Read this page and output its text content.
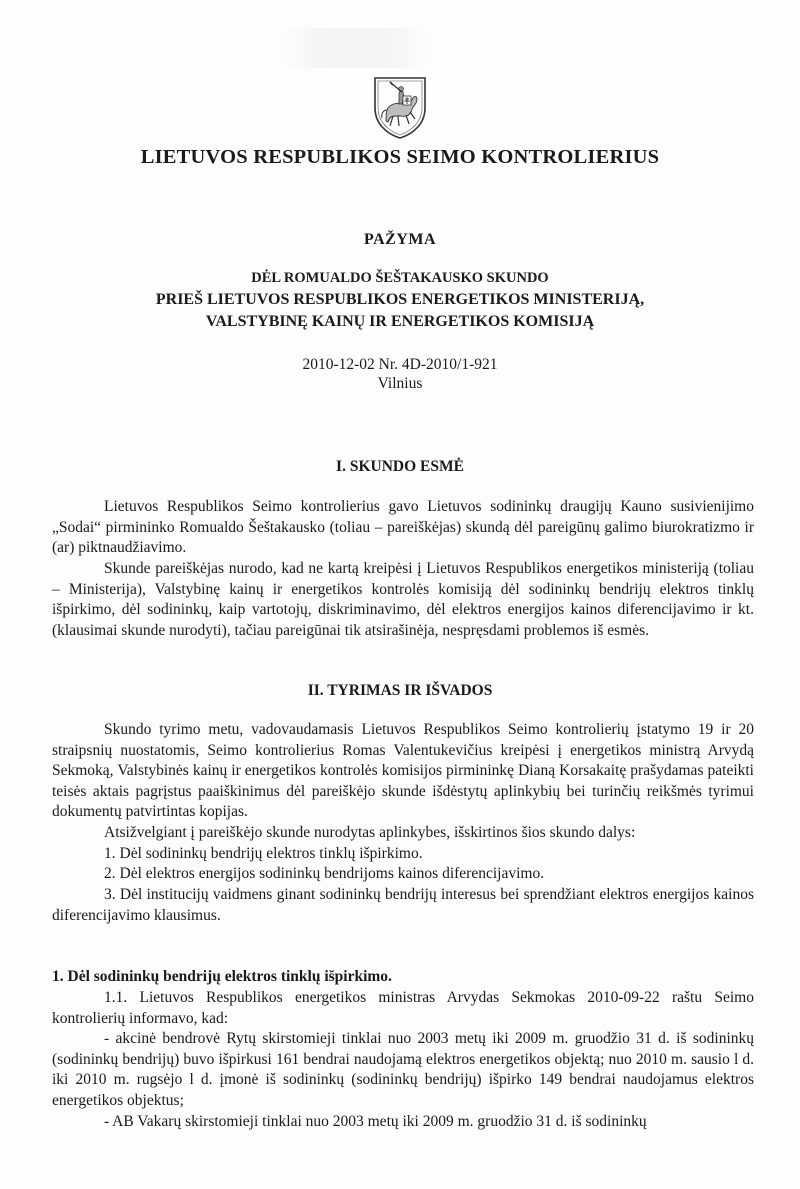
LIETUVOS RESPUBLIKOS SEIMO KONTROLIERIUS
PAŽYMA
DĖL ROMUALDO ŠEŠTAKAUSKO SKUNDO
PRIEŠ LIETUVOS RESPUBLIKOS ENERGETIKOS MINISTERIJĄ,
VALSTYBINĘ KAINŲ IR ENERGETIKOS KOMISIJĄ
2010-12-02 Nr. 4D-2010/1-921
Vilnius
I. SKUNDO ESMĖ

Lietuvos Respublikos Seimo kontrolierius gavo Lietuvos sodininkų draugijų Kauno susivienijimo „Sodai“ pirmininko Romualdo Šeštakausko (toliau – pareiškėjas) skundą dėl pareigūnų galimo biurokratizmo ir (ar) piktnaudžiavimo.

Skunde pareiškėjas nurodo, kad ne kartą kreipėsi į Lietuvos Respublikos energetikos ministeriją (toliau – Ministerija), Valstybinę kainų ir energetikos kontrolės komisiją dėl sodininkų bendrijų elektros tinklų išpirkimo, dėl sodininkų, kaip vartotojų, diskriminavimo, dėl elektros energijos kainos diferencijavimo ir kt. (klausimai skunde nurodyti), tačiau pareigūnai tik atsirašinėja, nespręsdami problemos iš esmės.

II. TYRIMAS IR IŠVADOS

Skundo tyrimo metu, vadovaudamasis Lietuvos Respublikos Seimo kontrolierių įstatymo 19 ir 20 straipsnių nuostatomis, Seimo kontrolierius Romas Valentukevičius kreipėsi į energetikos ministrą Arvydą Sekmoką, Valstybinės kainų ir energetikos kontrolės komisijos pirmininkę Dianą Korsakaitę prašydamas pateikti teisės aktais pagrįstus paaiškinimus dėl pareiškėjo skunde išdėstytų aplinkybių bei turinčių reikšmės tyrimui dokumentų patvirtintas kopijas.

Atsižvelgiant į pareiškėjo skunde nurodytas aplinkybes, išskirtinos šios skundo dalys:

1. Dėl sodininkų bendrijų elektros tinklų išpirkimo.

2. Dėl elektros energijos sodininkų bendrijoms kainos diferencijavimo.

3. Dėl institucijų vaidmens ginant sodininkų bendrijų interesus bei sprendžiant elektros energijos kainos diferencijavimo klausimus.

1. Dėl sodininkų bendrijų elektros tinklų išpirkimo.

1.1. Lietuvos Respublikos energetikos ministras Arvydas Sekmokas 2010-09-22 raštu Seimo kontrolierių informavo, kad:

- akcinė bendrovė Rytų skirstomieji tinklai nuo 2003 metų iki 2009 m. gruodžio 31 d. iš sodininkų (sodininkų bendrijų) buvo išpirkusi 161 bendrai naudojamą elektros energetikos objektą; nuo 2010 m. sausio l d. iki 2010 m. rugsėjo l d. įmonė iš sodininkų (sodininkų bendrijų) išpirko 149 bendrai naudojamus elektros energetikos objektus;

- AB Vakarų skirstomieji tinklai nuo 2003 metų iki 2009 m. gruodžio 31 d. iš sodininkų
